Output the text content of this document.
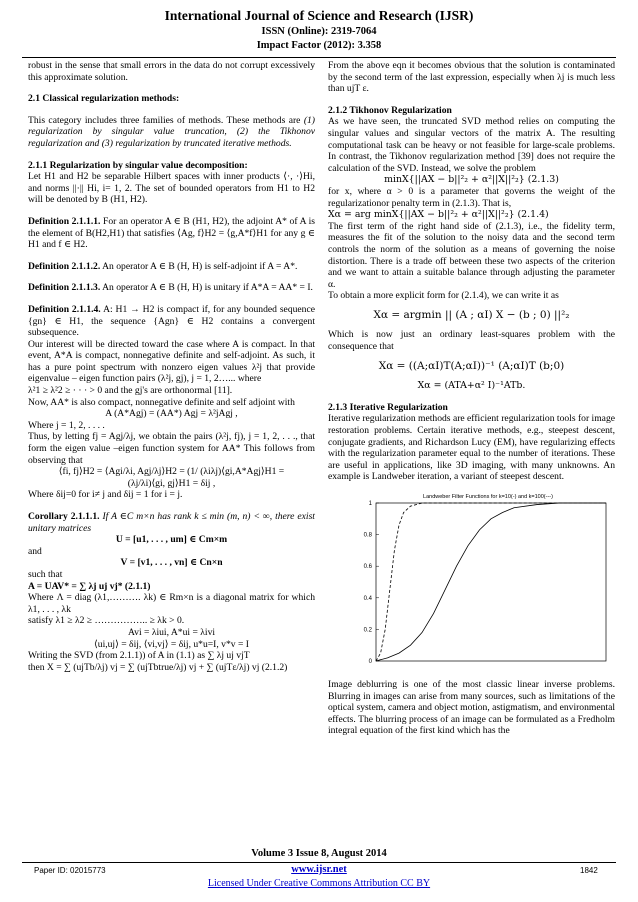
International Journal of Science and Research (IJSR)
ISSN (Online): 2319-7064
Impact Factor (2012): 3.358

robust in the sense that small errors in the data do not corrupt excessively this approximate solution.

2.1 Classical regularization methods:

This category includes three families of methods. These methods are (1) regularization by singular value truncation, (2) the Tikhonov regularization and (3) regularization by truncated iterative methods.

2.1.1 Regularization by singular value decomposition:

Let H1 and H2 be separable Hilbert spaces with inner products ⟨·, ·⟩Hi, and norms ||·|| Hi, i= 1, 2. The set of bounded operators from H1 to H2 will be denoted by B (H1, H2).

Definition 2.1.1.1. For an operator A ∈ B (H1, H2), the adjoint A* of A is the element of B(H2,H1) that satisfies ⟨Ag, f⟩H2 = ⟨g,A*f⟩H1 for any g ∈ H1 and f ∈ H2.

Definition 2.1.1.2. An operator A ∈ B (H, H) is self-adjoint if A = A*.

Definition 2.1.1.3. An operator A ∈ B (H, H) is unitary if A*A = AA* = I.

Definition 2.1.1.4. A: H1 → H2 is compact if, for any bounded sequence {gn} ∈ H1, the sequence {Agn} ∈ H2 contains a convergent subsequence.

Our interest will be directed toward the case where A is compact. In that event, A*A is compact, nonnegative definite and self-adjoint. As such, it has a pure point spectrum with nonzero eigen values λ²j that provide eigenvalue – eigen function pairs (λ²j, gj), j = 1, 2…... where

λ²1 ≥ λ²2 ≥ · · · > 0 and the gj's are orthonormal [11].

Now, AA* is also compact, nonnegative definite and self adjoint with

A (A*Agj) = (AA*) Agj = λ²jAgj ,

Where j = 1, 2, . . . .

Thus, by letting fj = Agj/λj, we obtain the pairs (λ²j, fj), j = 1, 2, . . ., that form the eigen value –eigen function system for AA* This follows from observing that

⟨fi, fj⟩H2 = ⟨Agi/λi, Agj/λj⟩H2 = (1/ (λiλj)⟨gi,A*Agj⟩H1 =

(λj/λi)⟨gi, gj⟩H1 = δij ,

Where δij=0 for i≠ j and δij = 1 for i = j.

Corollary 2.1.1.1. If A ∈C m×n has rank k ≤ min (m, n) < ∞, there exist unitary matrices

U = [u1, . . . , um] ∈ Cm×m

and

V = [v1, . . . , vn] ∈ Cn×n

such that

A = UAV* = ∑ λj uj vj* (2.1.1)

Where Λ = diag (λ1,………. λk) ∈ Rm×n is a diagonal matrix for which λ1, . . . , λk

satisfy λ1 ≥ λ2 ≥ …………….. ≥ λk > 0.

Avi = λiui, A*ui = λivi

⟨ui,uj⟩ = δij, ⟨vi,vj⟩ = δij, u*u=I, v*v = I

Writing the SVD (from 2.1.1)) of A in (1.1) as ∑ λj uj vjT

then X = ∑ (ujTb/λj) vj = ∑ (ujTbtrue/λj) vj + ∑ (ujTε/λj) vj (2.1.2)

From the above eqn it becomes obvious that the solution is contaminated by the second term of the last expression, especially when λj is much less than ujT ε.

2.1.2 Tikhonov Regularization

As we have seen, the truncated SVD method relies on computing the singular values and singular vectors of the matrix A. The resulting computational task can be heavy or not feasible for large-scale problems. In contrast, the Tikhonov regularization method [39] does not require the calculation of the SVD. Instead, we solve the problem

minX{||AX − b||²₂ + α²||X||²₂} (2.1.3)

for x, where α > 0 is a parameter that governs the weight of the regularizationor penalty term in (2.1.3). That is,

Xα = arg minX{||AX − b||²₂ + α²||X||²₂} (2.1.4)

The first term of the right hand side of (2.1.3), i.e., the fidelity term, measures the fit of the solution to the noisy data and the second term controls the norm of the solution as a means of governing the noise distortion. There is a trade off between these two aspects of the criterion and we want to attain a suitable balance through adjusting the parameter α.

To obtain a more explicit form for (2.1.4), we can write it as

Xα = argmin || (A ; αI) X − (b ; 0) ||²₂

Which is now just an ordinary least-squares problem with the consequence that

Xα = ((A;αI)T(A;αI))⁻¹ (A;αI)T (b;0)

Xα = (ATA+α² I)⁻¹ATb.

2.1.3 Iterative Regularization

Iterative regularization methods are efficient regularization tools for image restoration problems. Certain iterative methods, e.g., steepest descent, conjugate gradients, and Richardson Lucy (EM), have regularizing effects with the regularization parameter equal to the number of iterations. These are useful in applications, like 3D imaging, with many unknowns. An example is Landweber iteration, a variant of steepest descent.

Landweber Filter Functions for k=10(-) and k=100(---)
0
0.2
0.4
0.6
0.8
1

Image deblurring is one of the most classic linear inverse problems. Blurring in images can arise from many sources, such as limitations of the optical system, camera and object motion, astigmatism, and environmental effects. The blurring process of an image can be formulated as a Fredholm integral equation of the first kind which has the

Volume 3 Issue 8, August 2014
Paper ID: 02015773	www.ijsr.net	1842
Licensed Under Creative Commons Attribution CC BY
